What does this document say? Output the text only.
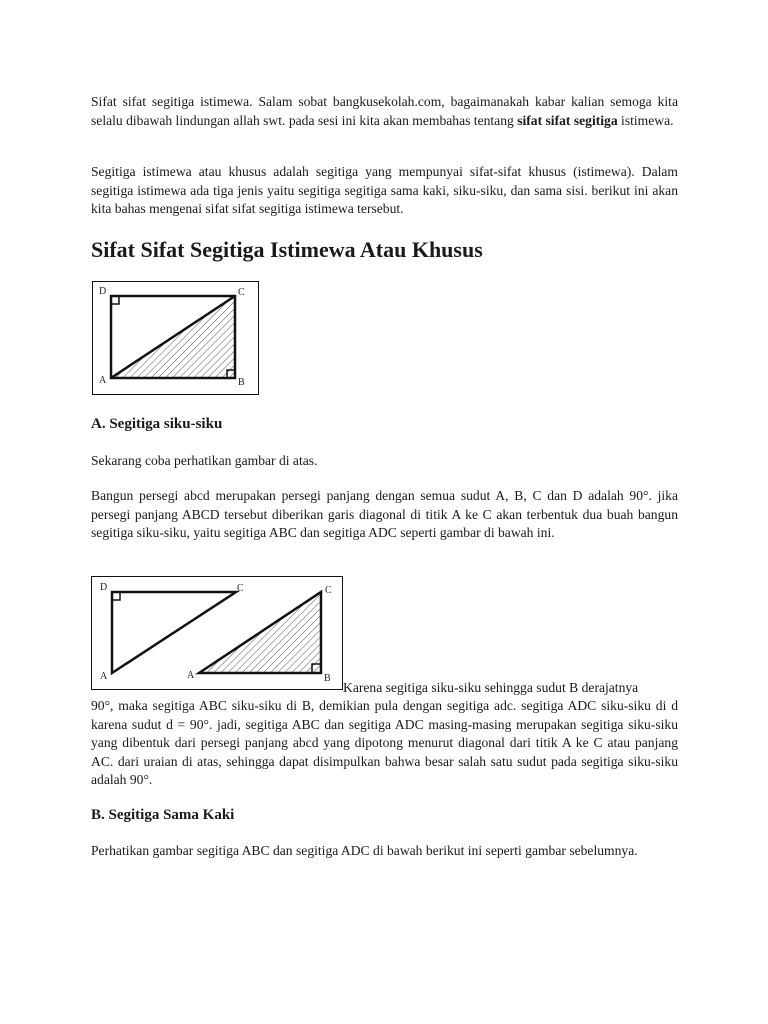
Sifat sifat segitiga istimewa. Salam sobat bangkusekolah.com, bagaimanakah kabar kalian semoga kita selalu dibawah lindungan allah swt. pada sesi ini kita akan membahas tentang sifat sifat segitiga istimewa.

Segitiga istimewa atau khusus adalah segitiga yang mempunyai sifat-sifat khusus (istimewa). Dalam segitiga istimewa ada tiga jenis yaitu segitiga segitiga sama kaki, siku-siku, dan sama sisi. berikut ini akan kita bahas mengenai sifat sifat segitiga istimewa tersebut.

Sifat Sifat Segitiga Istimewa Atau Khusus
D	C
A	B
A. Segitiga siku-siku

Sekarang coba perhatikan gambar di atas.

Bangun persegi abcd merupakan persegi panjang dengan semua sudut A, B, C dan D adalah 90°. jika persegi panjang ABCD tersebut diberikan garis diagonal di titik A ke C akan terbentuk dua buah bangun segitiga siku-siku, yaitu segitiga ABC dan segitiga ADC seperti gambar di bawah ini.

D	C
A
C
A	B

Karena segitiga siku-siku sehingga sudut B derajatnya

90°, maka segitiga ABC siku-siku di B, demikian pula dengan segitiga adc. segitiga ADC siku-siku di d karena sudut d = 90°. jadi, segitiga ABC dan segitiga ADC masing-masing merupakan segitiga siku-siku yang dibentuk dari persegi panjang abcd yang dipotong menurut diagonal dari titik A ke C atau panjang AC. dari uraian di atas, sehingga dapat disimpulkan bahwa besar salah satu sudut pada segitiga siku-siku adalah 90°.

B. Segitiga Sama Kaki

Perhatikan gambar segitiga ABC dan segitiga ADC di bawah berikut ini seperti gambar sebelumnya.
